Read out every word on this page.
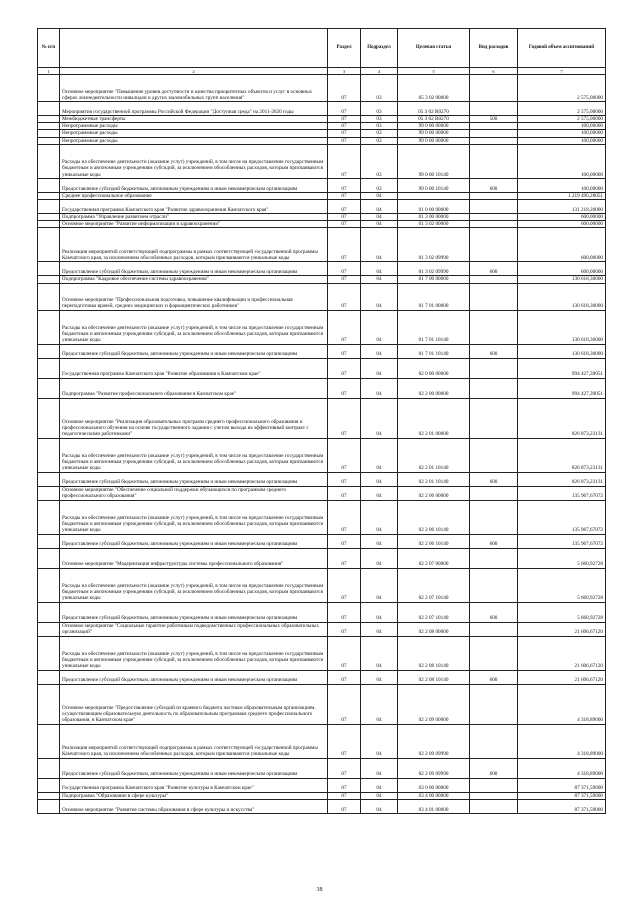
№ п/п		Раздел	Подраздел	Целевая статья	Вид расходов	Годовой объем ассигнований
1	2	3	4	5	6	7
	Основное мероприятие "Повышение уровня доступности и качества приоритетных объектов и услуг в основных сферах жизнедеятельности инвалидов и других маломобильных групп населения"	07	03	05 3 02 00000		2 575,00000
	Мероприятия государственной программы Российской Федерации "Доступная среда" на 2011-2020 годы	07	03	05 3 02 R0270		2 575,00000
	Межбюджетные трансферты	07	03	05 3 02 R0270	500	2 575,00000
	Непрограммные расходы	07	03	99 0 00 00000		100,00000
	Непрограммные расходы	07	03	99 0 00 00000		100,00000
	Непрограммные расходы	07	03	99 0 00 00000		100,00000
	Расходы на обеспечение деятельности (оказание услуг) учреждений, в том числе на предоставление государственным бюджетным и автономным учреждениям субсидий, за исключением обособленных расходов, которым присваиваются уникальные коды	07	03	99 0 00 10140		100,00000
	Предоставление субсидий бюджетным, автономным учреждениям и иным некоммерческим организациям	07	03	99 0 00 10140	600	100,00000
	Среднее профессиональное образование	07	04			1 219 490,28051
	Государственная программа Камчатского края "Развитие здравоохранения Камчатского края"	07	04	01 0 00 00000		131 218,20000
	Подпрограмма "Управление развитием отрасли"	07	04	01 3 00 00000		600,00000
	Основное мероприятие "Развитие информатизации в здравоохранении"	07	04	01 3 02 00000		600,00000
	Реализация мероприятий соответствующей подпрограммы в рамках соответствующей государственной программы Камчатского края, за исключением обособленных расходов, которым присваиваются уникальные коды	07	04	01 3 02 09990		600,00000
	Предоставление субсидий бюджетным, автономным учреждениям и иным некоммерческим организациям	07	04	01 3 02 09990	600	600,00000
	Подпрограмма "Кадровое обеспечение системы здравоохранения"	07	04	01 7 00 00000		130 618,30000
	Основное мероприятие "Профессиональная подготовка, повышение квалификации и профессиональная переподготовка врачей, средних медицинских и фармацевтических работников"	07	04	01 7 01 00000		130 618,30000
	Расходы на обеспечение деятельности (оказание услуг) учреждений, в том числе на предоставление государственным бюджетным и автономным учреждениям субсидий, за исключением обособленных расходов, которым присваиваются уникальные коды	07	04	01 7 01 10140		130 618,30000
	Предоставление субсидий бюджетным, автономным учреждениям и иным некоммерческим организациям	07	04	01 7 01 10140	600	130 618,30000
	Государственная программа Камчатского края "Развитие образования в Камчатском крае"	07	04	02 0 00 00000		994 427,39051
	Подпрограмма "Развитие профессионального образования в Камчатском крае"	07	04	02 2 00 00000		994 427,39051
	Основное мероприятие "Реализация образовательных программ среднего профессионального образования и профессионального обучения на основе государственного задания с учетом выхода на эффективный контракт с педагогическими работниками"	07	04	02 2 01 00000		826 873,23131
	Расходы на обеспечение деятельности (оказание услуг) учреждений, в том числе на предоставление государственным бюджетным и автономным учреждениям субсидий, за исключением обособленных расходов, которым присваиваются уникальные коды	07	04	02 2 01 10140		826 873,23131
	Предоставление субсидий бюджетным, автономным учреждениям и иным некоммерческим организациям	07	04	02 2 01 10140	600	826 873,23131
	Основное мероприятие "Обеспечение социальной поддержки обучающихся по программам среднего профессионального образования"	07	04	02 2 06 00000		135 967,67072
	Расходы на обеспечение деятельности (оказание услуг) учреждений, в том числе на предоставление государственным бюджетным и автономным учреждениям субсидий, за исключением обособленных расходов, которым присваиваются уникальные коды	07	04	02 2 06 10140		135 967,67072
	Предоставление субсидий бюджетным, автономным учреждениям и иным некоммерческим организациям	07	04	02 2 06 10140	600	135 967,67072
	Основное мероприятие "Модернизация инфраструктуры системы профессионального образования"	07	04	02 2 07 00000		5 660,92728
	Расходы на обеспечение деятельности (оказание услуг) учреждений, в том числе на предоставление государственным бюджетным и автономным учреждениям субсидий, за исключением обособленных расходов, которым присваиваются уникальные коды	07	04	02 2 07 10140		5 660,92728
	Предоставление субсидий бюджетным, автономным учреждениям и иным некоммерческим организациям	07	04	02 2 07 10140	600	5 660,92728
	Основное мероприятие "Социальные гарантии работникам подведомственных профессиональных образовательных организаций"	07	04	02 2 08 00000		21 606,67120
	Расходы на обеспечение деятельности (оказание услуг) учреждений, в том числе на предоставление государственным бюджетным и автономным учреждениям субсидий, за исключением обособленных расходов, которым присваиваются уникальные коды	07	04	02 2 08 10140		21 606,67120
	Предоставление субсидий бюджетным, автономным учреждениям и иным некоммерческим организациям	07	04	02 2 08 10140	600	21 606,67120
	Основное мероприятие "Предоставление субсидий из краевого бюджета частным образовательным организациям, осуществляющим образовательную деятельность по образовательным программам среднего профессионального образования, в Камчатском крае"	07	04	02 2 09 00000		4 318,89000
	Реализация мероприятий соответствующей подпрограммы в рамках соответствующей государственной программы Камчатского края, за исключением обособленных расходов, которым присваиваются уникальные коды	07	04	02 2 09 09990		4 318,89000
	Предоставление субсидий бюджетным, автономным учреждениям и иным некоммерческим организациям	07	04	02 2 09 09990	600	4 318,89000
	Государственная программа Камчатского края "Развитие культуры в Камчатском крае"	07	04	03 0 00 00000		87 371,59000
	Подпрограмма "Образование в сфере культуры"	07	04	03 4 00 00000		87 371,59000
	Основное мероприятие "Развитие системы образования в сфере культуры и искусства"	07	04	03 4 01 00000		87 371,59000
38
